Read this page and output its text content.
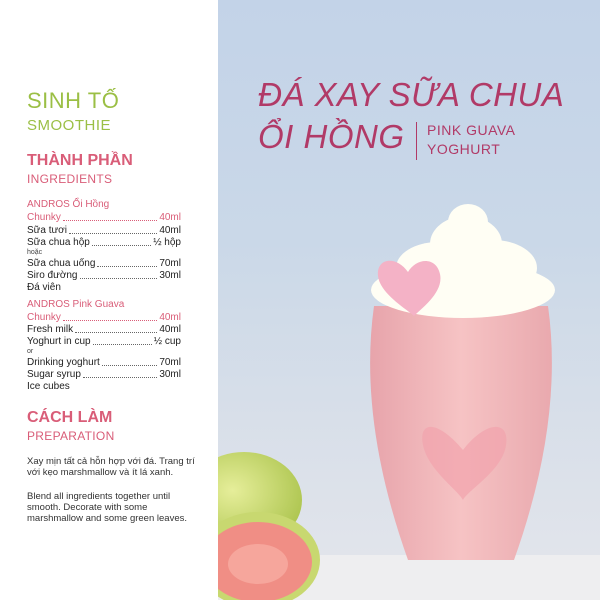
SINH TỐ
SMOOTHIE
THÀNH PHẦN
INGREDIENTS
ANDROS Ổi Hồng
Chunky	40ml
Sữa tươi	40ml
Sữa chua hộp	½ hộp
hoặc
Sữa chua uống	70ml
Siro đường	30ml
Đá viên
ANDROS Pink Guava
Chunky	40ml
Fresh milk	40ml
Yoghurt in cup	½ cup
or
Drinking yoghurt	70ml
Sugar syrup	30ml
Ice cubes
CÁCH LÀM
PREPARATION
Xay mịn tất cả hỗn hợp với đá. Trang trí với kẹo marshmallow và ít lá xanh.
Blend all ingredients together until smooth. Decorate with some marshmallow and some green leaves.
ĐÁ XAY SỮA CHUA
ỔI HỒNG PINK GUAVA
YOGHURT
